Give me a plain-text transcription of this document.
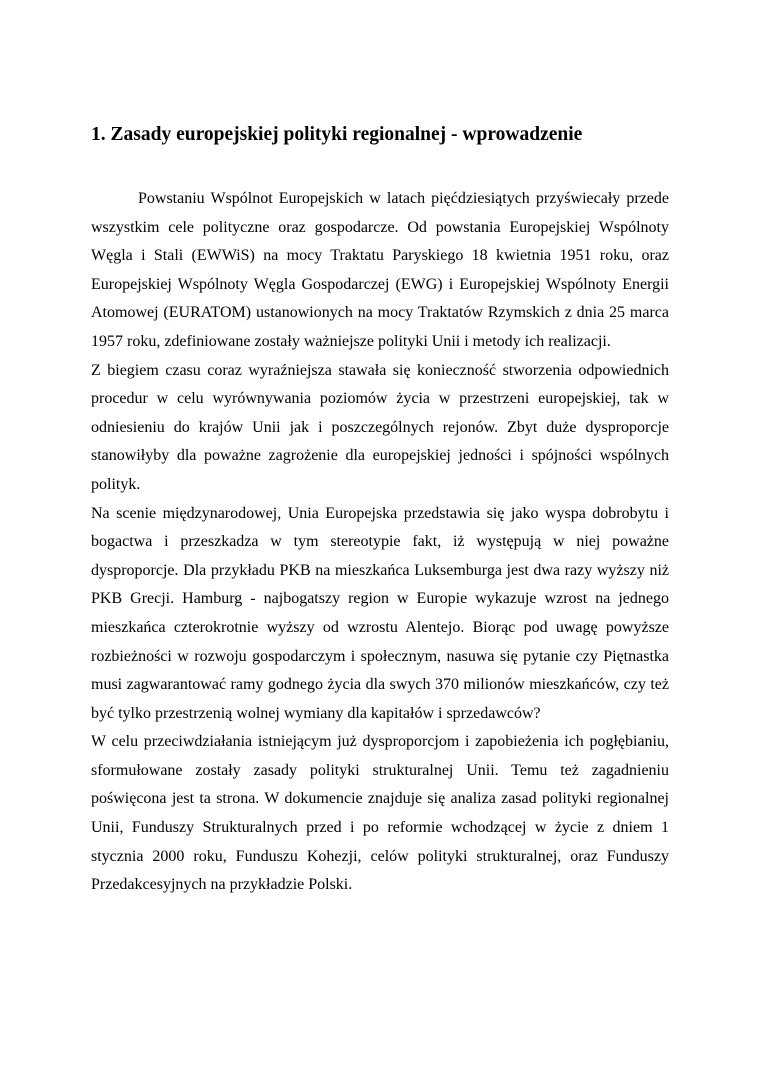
1. Zasady europejskiej polityki regionalnej - wprowadzenie

Powstaniu Wspólnot Europejskich w latach pięćdziesiątych przyświecały przede wszystkim cele polityczne oraz gospodarcze. Od powstania Europejskiej Wspólnoty Węgla i Stali (EWWiS) na mocy Traktatu Paryskiego 18 kwietnia 1951 roku, oraz Europejskiej Wspólnoty Węgla Gospodarczej (EWG) i Europejskiej Wspólnoty Energii Atomowej (EURATOM) ustanowionych na mocy Traktatów Rzymskich z dnia 25 marca 1957 roku, zdefiniowane zostały ważniejsze polityki Unii i metody ich realizacji.

Z biegiem czasu coraz wyraźniejsza stawała się konieczność stworzenia odpowiednich procedur w celu wyrównywania poziomów życia w przestrzeni europejskiej, tak w odniesieniu do krajów Unii jak i poszczególnych rejonów. Zbyt duże dysproporcje stanowiłyby dla poważne zagrożenie dla europejskiej jedności i spójności wspólnych polityk.

Na scenie międzynarodowej, Unia Europejska przedstawia się jako wyspa dobrobytu i bogactwa i przeszkadza w tym stereotypie fakt, iż występują w niej poważne dysproporcje. Dla przykładu PKB na mieszkańca Luksemburga jest dwa razy wyższy niż PKB Grecji. Hamburg - najbogatszy region w Europie wykazuje wzrost na jednego mieszkańca czterokrotnie wyższy od wzrostu Alentejo. Biorąc pod uwagę powyższe rozbieżności w rozwoju gospodarczym i społecznym, nasuwa się pytanie czy Piętnastka musi zagwarantować ramy godnego życia dla swych 370 milionów mieszkańców, czy też być tylko przestrzenią wolnej wymiany dla kapitałów i sprzedawców?

W celu przeciwdziałania istniejącym już dysproporcjom i zapobieżenia ich pogłębianiu, sformułowane zostały zasady polityki strukturalnej Unii. Temu też zagadnieniu poświęcona jest ta strona. W dokumencie znajduje się analiza zasad polityki regionalnej Unii, Funduszy Strukturalnych przed i po reformie wchodzącej w życie z dniem 1 stycznia 2000 roku, Funduszu Kohezji, celów polityki strukturalnej, oraz Funduszy Przedakcesyjnych na przykładzie Polski.
